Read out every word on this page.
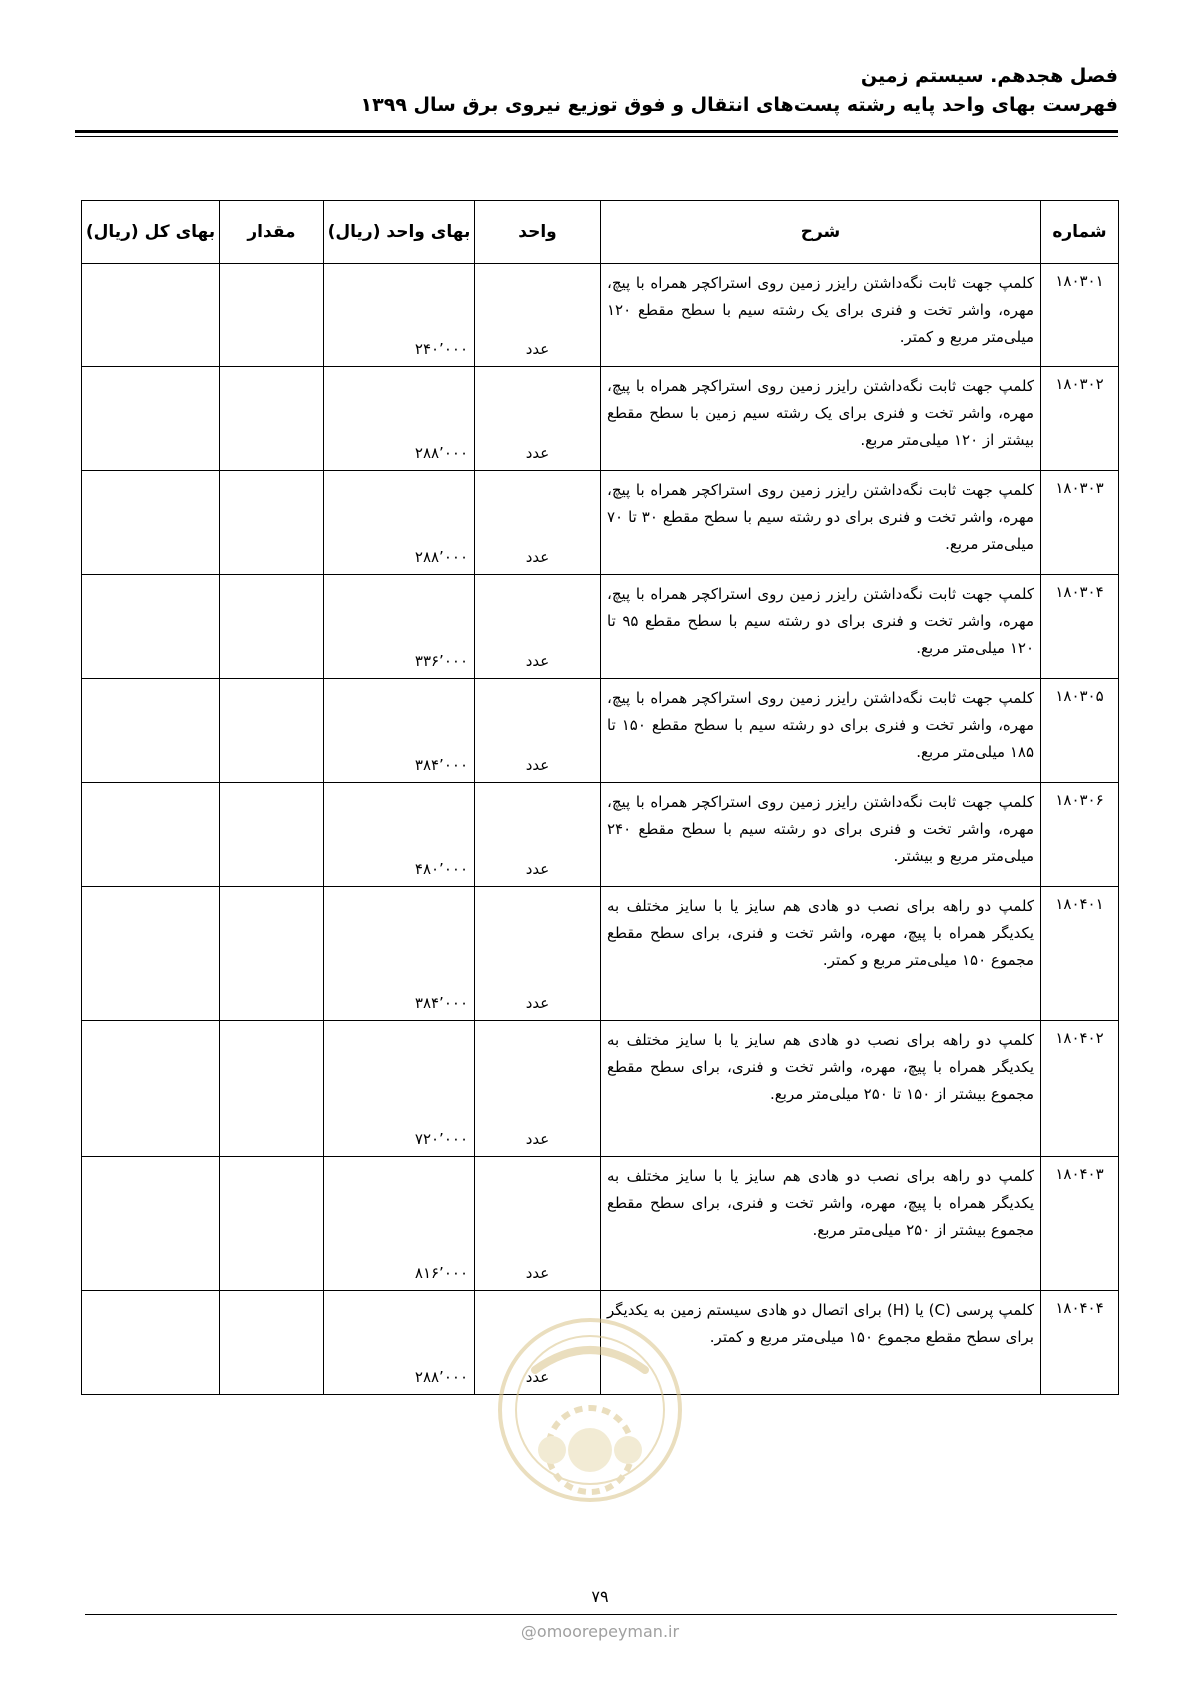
فصل هجدهم. سیستم زمین
فهرست بهای واحد پایه رشته پست‌های انتقال و فوق توزیع نیروی برق سال ۱۳۹۹
شماره	شرح	واحد	بهای واحد (ریال)	مقدار	بهای کل (ریال)
۱۸۰۳۰۱	کلمپ جهت ثابت نگه‌داشتن رایزر زمین روی استراکچر همراه با پیچ، مهره، واشر تخت و فنری برای یک رشته سیم با سطح مقطع ۱۲۰ میلی‌متر مربع و کمتر.	عدد	۲۴۰٬۰۰۰		
۱۸۰۳۰۲	کلمپ جهت ثابت نگه‌داشتن رایزر زمین روی استراکچر همراه با پیچ، مهره، واشر تخت و فنری برای یک رشته سیم زمین با سطح مقطع بیشتر از ۱۲۰ میلی‌متر مربع.	عدد	۲۸۸٬۰۰۰		
۱۸۰۳۰۳	کلمپ جهت ثابت نگه‌داشتن رایزر زمین روی استراکچر همراه با پیچ، مهره، واشر تخت و فنری برای دو رشته سیم با سطح مقطع ۳۰ تا ۷۰ میلی‌متر مربع.	عدد	۲۸۸٬۰۰۰		
۱۸۰۳۰۴	کلمپ جهت ثابت نگه‌داشتن رایزر زمین روی استراکچر همراه با پیچ، مهره، واشر تخت و فنری برای دو رشته سیم با سطح مقطع ۹۵ تا ۱۲۰ میلی‌متر مربع.	عدد	۳۳۶٬۰۰۰		
۱۸۰۳۰۵	کلمپ جهت ثابت نگه‌داشتن رایزر زمین روی استراکچر همراه با پیچ، مهره، واشر تخت و فنری برای دو رشته سیم با سطح مقطع ۱۵۰ تا ۱۸۵ میلی‌متر مربع.	عدد	۳۸۴٬۰۰۰		
۱۸۰۳۰۶	کلمپ جهت ثابت نگه‌داشتن رایزر زمین روی استراکچر همراه با پیچ، مهره، واشر تخت و فنری برای دو رشته سیم با سطح مقطع ۲۴۰ میلی‌متر مربع و بیشتر.	عدد	۴۸۰٬۰۰۰		
۱۸۰۴۰۱	کلمپ دو راهه برای نصب دو هادی هم سایز یا با سایز مختلف به یکدیگر همراه با پیچ، مهره، واشر تخت و فنری، برای سطح مقطع مجموع ۱۵۰ میلی‌متر مربع و کمتر.	عدد	۳۸۴٬۰۰۰		
۱۸۰۴۰۲	کلمپ دو راهه برای نصب دو هادی هم سایز یا با سایز مختلف به یکدیگر همراه با پیچ، مهره، واشر تخت و فنری، برای سطح مقطع مجموع بیشتر از ۱۵۰ تا ۲۵۰ میلی‌متر مربع.	عدد	۷۲۰٬۰۰۰		
۱۸۰۴۰۳	کلمپ دو راهه برای نصب دو هادی هم سایز یا با سایز مختلف به یکدیگر همراه با پیچ، مهره، واشر تخت و فنری، برای سطح مقطع مجموع بیشتر از ۲۵۰ میلی‌متر مربع.	عدد	۸۱۶٬۰۰۰		
۱۸۰۴۰۴	کلمپ پرسی (C) یا (H) برای اتصال دو هادی سیستم زمین به یکدیگر برای سطح مقطع مجموع ۱۵۰ میلی‌متر مربع و کمتر.	عدد	۲۸۸٬۰۰۰		
۷۹
@omoorepeyman.ir
